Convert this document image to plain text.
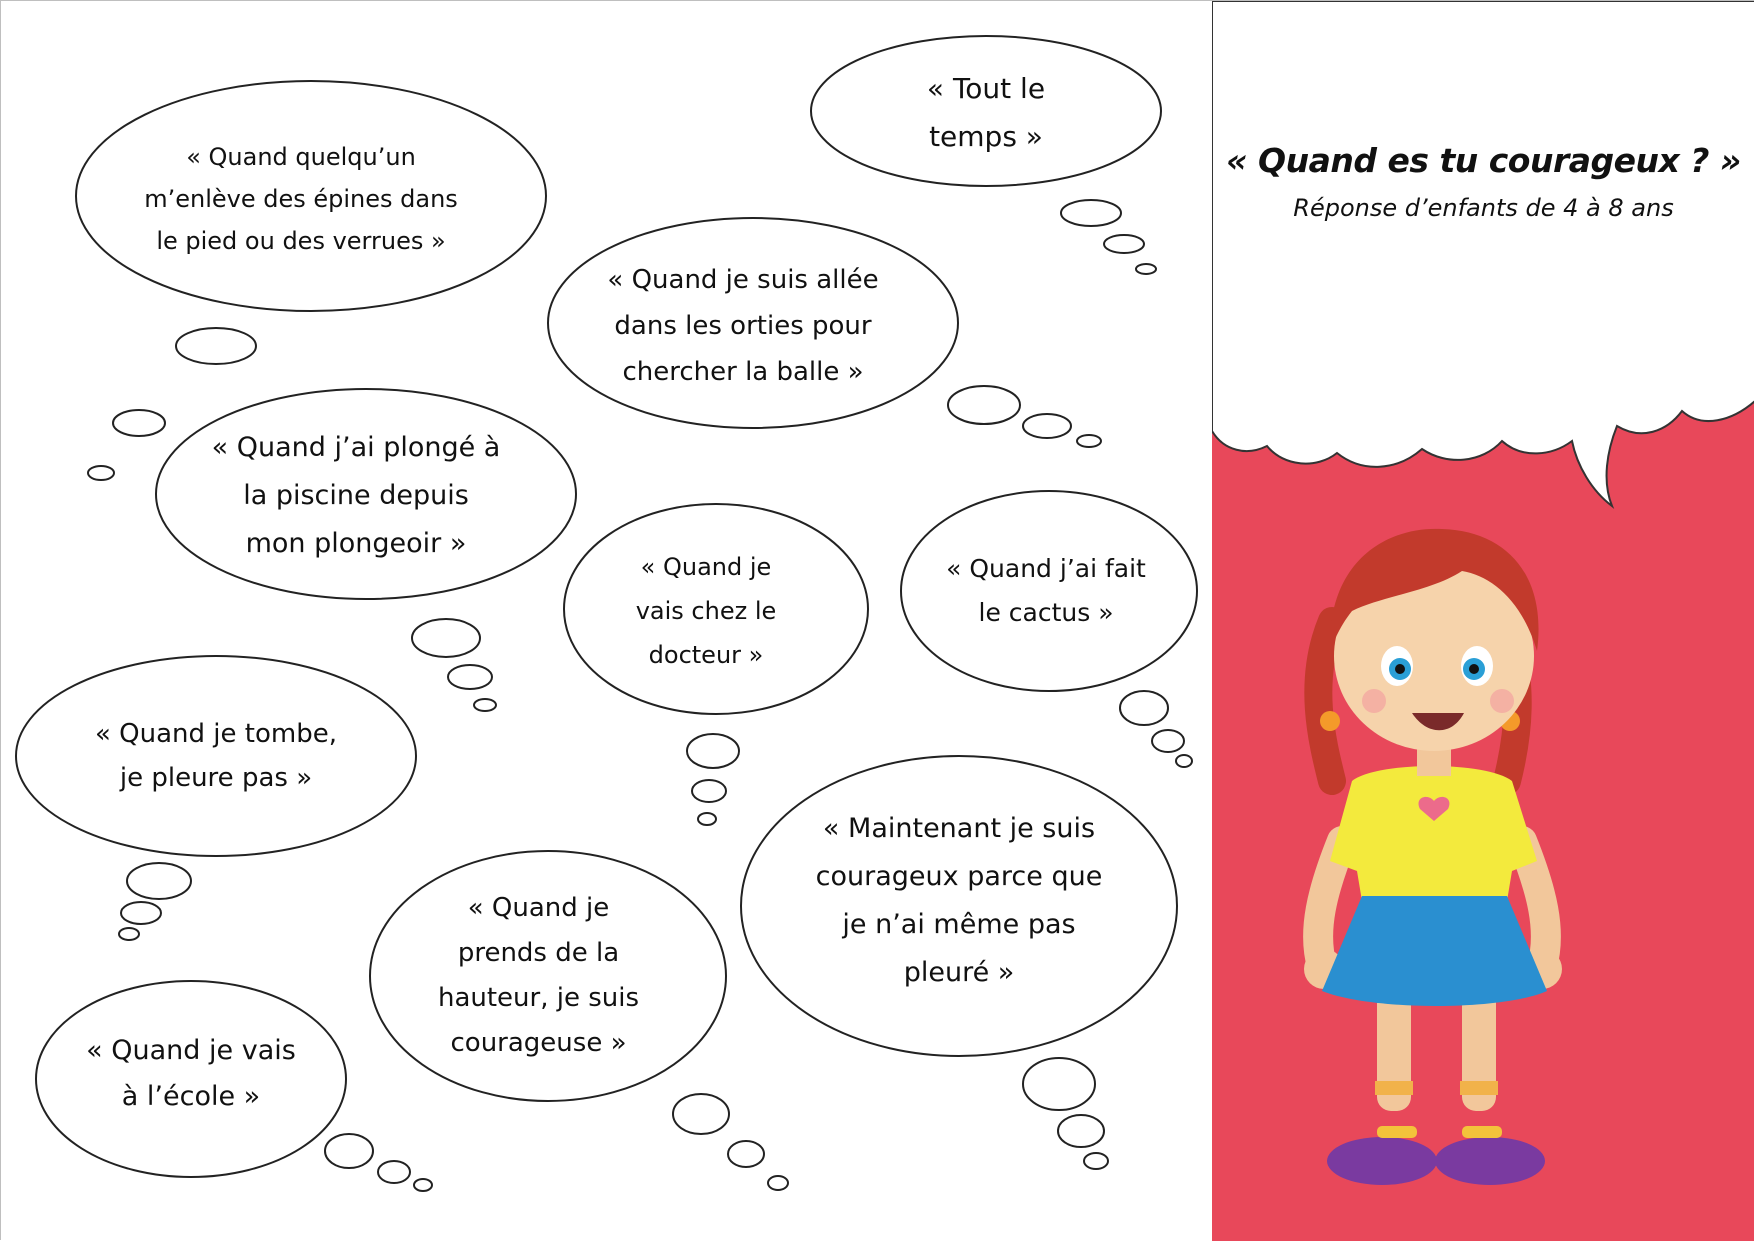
« Quand es tu courageux ? »
Réponse d’enfants de 4 à 8 ans
« Quand quelqu’un m’enlève des épines dans le pied ou des verrues »
« Tout le temps »
« Quand je suis allée dans les orties pour chercher la balle »
« Quand j’ai plongé à la piscine depuis mon plongeoir »
« Quand je vais chez le docteur »
« Quand j’ai fait le cactus »
« Quand je tombe, je pleure pas »
« Maintenant je suis courageux parce que je n’ai même pas pleuré »
« Quand je prends de la hauteur, je suis courageuse »
« Quand je vais à l’école »
